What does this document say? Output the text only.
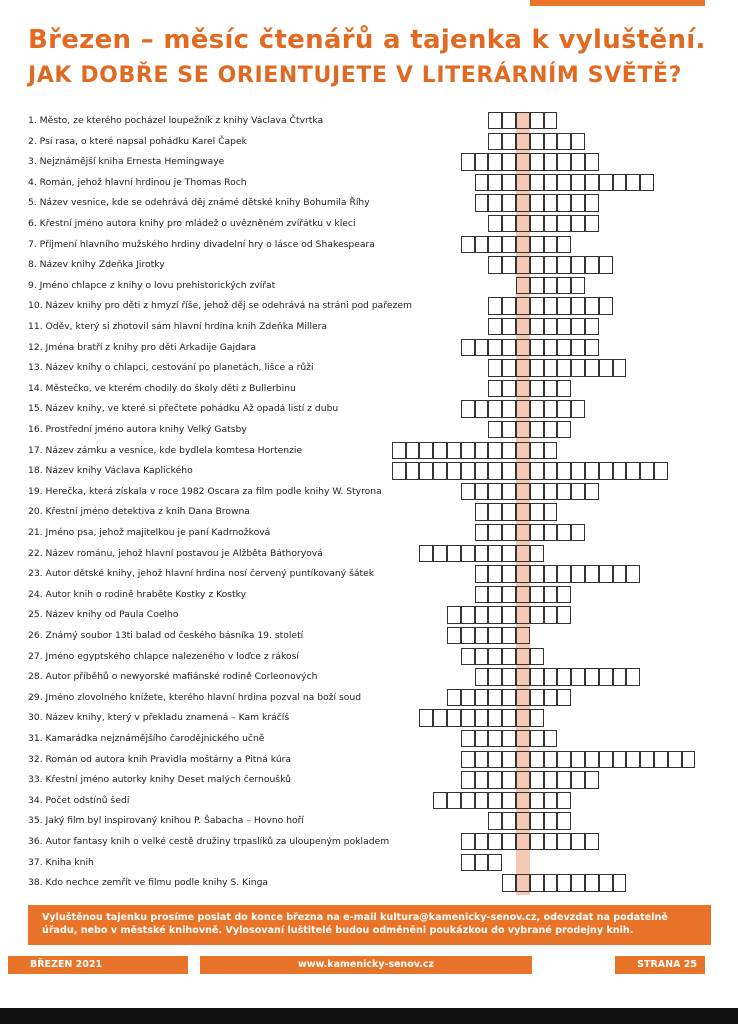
Březen – měsíc čtenářů a tajenka k vyluštění.
JAK DOBŘE SE ORIENTUJETE V LITERÁRNÍM SVĚTĚ?
1. Město, ze kterého pocházel loupežník z knihy Václava Čtvrtka
2. Psí rasa, o které napsal pohádku Karel Čapek
3. Nejznámější kniha Ernesta Hemingwaye
4. Román, jehož hlavní hrdinou je Thomas Roch
5. Název vesnice, kde se odehrává děj známé dětské knihy Bohumila Říhy
6. Křestní jméno autora knihy pro mládež o uvězněném zvířátku v kleci
7. Příjmení hlavního mužského hrdiny divadelní hry o lásce od Shakespeara
8. Název knihy Zdeňka Jirotky
9. Jméno chlapce z knihy o lovu prehistorických zvířat
10. Název knihy pro děti z hmyzí říše, jehož děj se odehrává na stráni pod pařezem
11. Oděv, který si zhotovil sám hlavní hrdina knih Zdeňka Millera
12. Jména bratří z knihy pro děti Arkadije Gajdara
13. Název knihy o chlapci, cestování po planetách, lišce a růži
14. Městečko, ve kterém chodily do školy děti z Bullerbinu
15. Název knihy, ve které si přečtete pohádku Až opadá listí z dubu
16. Prostřední jméno autora knihy Velký Gatsby
17. Název zámku a vesnice, kde bydlela komtesa Hortenzie
18. Název knihy Václava Kaplického
19. Herečka, která získala v roce 1982 Oscara za film podle knihy W. Styrona
20. Křestní jméno detektiva z knih Dana Browna
21. Jméno psa, jehož majitelkou je paní Kadrnožková
22. Název románu, jehož hlavní postavou je Alžběta Báthoryová
23. Autor dětské knihy, jehož hlavní hrdina nosí červený puntíkovaný šátek
24. Autor knih o rodině hraběte Kostky z Kostky
25. Název knihy od Paula Coelho
26. Známý soubor 13ti balad od českého básníka 19. století
27. Jméno egyptského chlapce nalezeného v loďce z rákosí
28. Autor příběhů o newyorské mafiánské rodině Corleonových
29. Jméno zlovolného knížete, kterého hlavní hrdina pozval na boží soud
30. Název knihy, který v překladu znamená – Kam kráčíš
31. Kamarádka nejznámějšího čarodějnického učně
32. Román od autora knih Pravidla moštárny a Pitná kúra
33. Křestní jméno autorky knihy Deset malých černoušků
34. Počet odstínů šedi
35. Jaký film byl inspirovaný knihou P. Šabacha – Hovno hoří
36. Autor fantasy knih o velké cestě družiny trpaslíků za uloupeným pokladem
37. Kniha knih
38. Kdo nechce zemřít ve filmu podle knihy S. Kinga
Vyluštěnou tajenku prosíme poslat do konce března na e-mail kultura@kamenicky-senov.cz, odevzdat na podatelně úřadu, nebo v městské knihovně. Vylosovaní luštitelé budou odměněni poukázkou do vybrané prodejny knih.
BŘEZEN 2021	www.kamenicky-senov.cz	STRANA 25
